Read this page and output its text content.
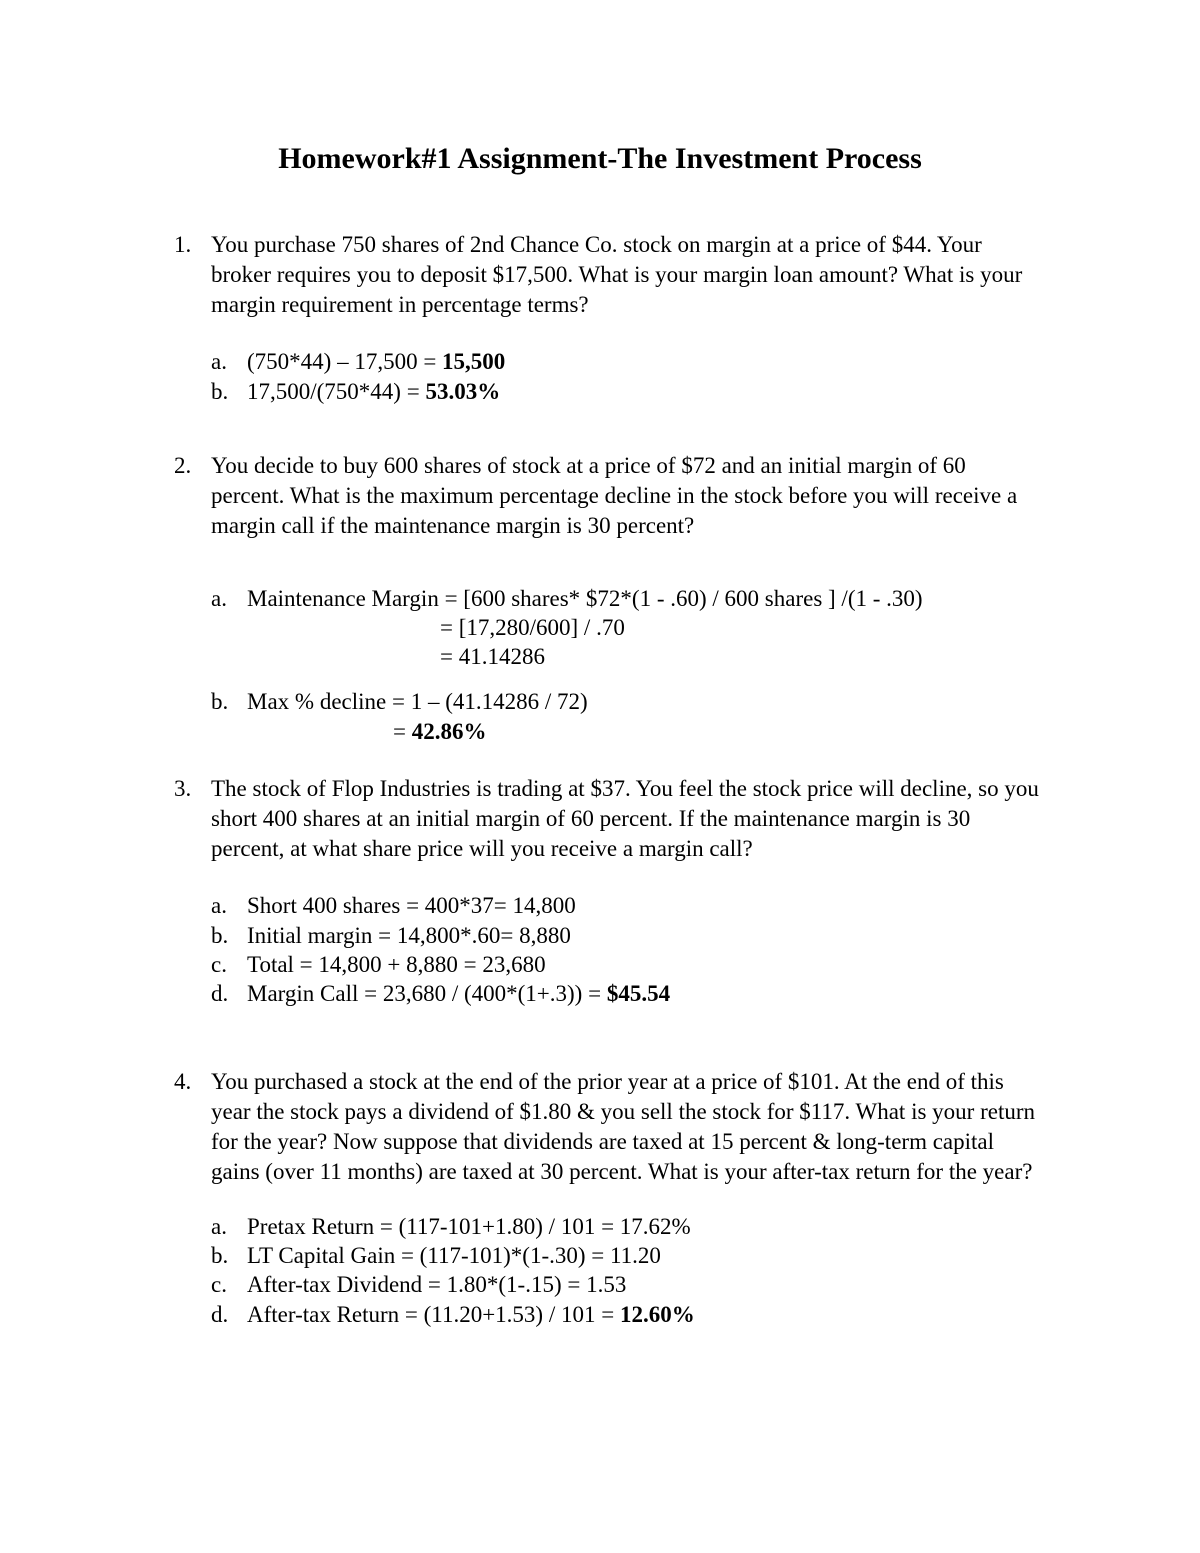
Homework#1 Assignment-The Investment Process
1. You purchase 750 shares of 2nd Chance Co. stock on margin at a price of $44. Your
broker requires you to deposit $17,500. What is your margin loan amount? What is your
margin requirement in percentage terms?

a. (750*44) – 17,500 = 15,500
b. 17,500/(750*44) = 53.03%
2. You decide to buy 600 shares of stock at a price of $72 and an initial margin of 60
percent. What is the maximum percentage decline in the stock before you will receive a
margin call if the maintenance margin is 30 percent?

a. Maintenance Margin = [600 shares* $72*(1 - .60) / 600 shares ] /(1 - .30)
= [17,280/600] / .70
= 41.14286
b. Max % decline = 1 – (41.14286 / 72)
= 42.86%
3. The stock of Flop Industries is trading at $37. You feel the stock price will decline, so you
short 400 shares at an initial margin of 60 percent. If the maintenance margin is 30
percent, at what share price will you receive a margin call?

a. Short 400 shares = 400*37= 14,800
b. Initial margin = 14,800*.60= 8,880
c. Total = 14,800 + 8,880 = 23,680
d. Margin Call = 23,680 / (400*(1+.3)) = $45.54
4. You purchased a stock at the end of the prior year at a price of $101. At the end of this
year the stock pays a dividend of $1.80 & you sell the stock for $117. What is your return
for the year? Now suppose that dividends are taxed at 15 percent & long-term capital
gains (over 11 months) are taxed at 30 percent. What is your after-tax return for the year?

a. Pretax Return = (117-101+1.80) / 101 = 17.62%
b. LT Capital Gain = (117-101)*(1-.30) = 11.20
c. After-tax Dividend = 1.80*(1-.15) = 1.53
d. After-tax Return = (11.20+1.53) / 101 = 12.60%
